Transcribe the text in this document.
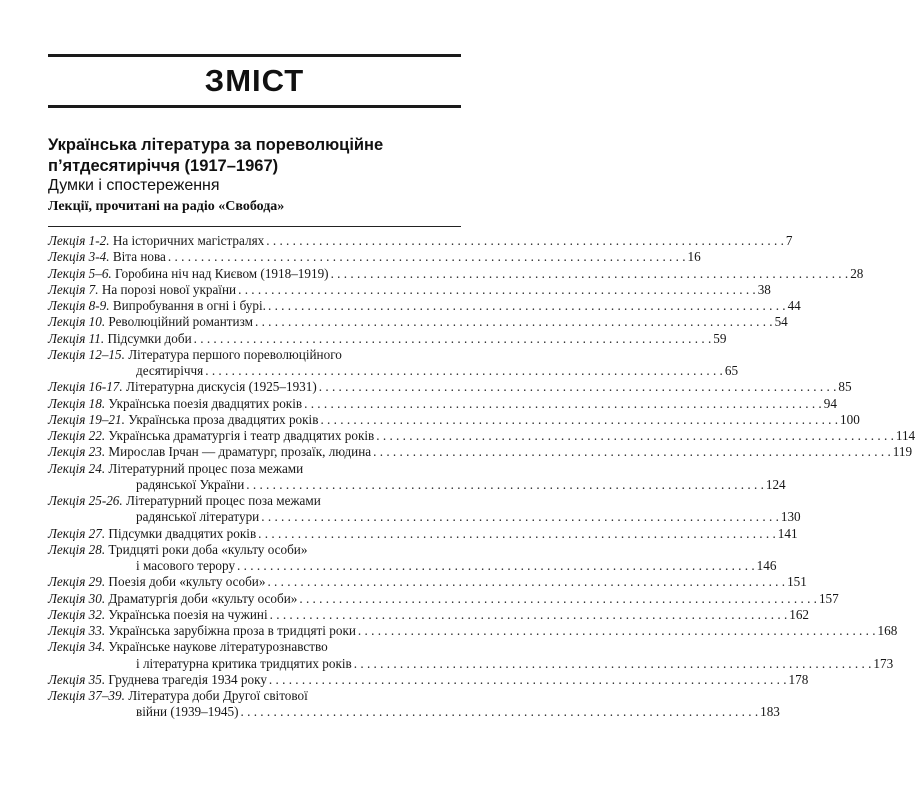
ЗМІСТ
Українська література за пореволюційне п’ятдесятиріччя (1917–1967)
Думки і спостереження
Лекції, прочитані на радіо «Свобода»
Лекція 1-2. На історичних магістралях . . .	7
Лекція 3-4. Віта нова . . .	16
Лекція 5–6. Горобина ніч над Києвом (1918–1919) . . .	28
Лекція 7. На порозі нової україни . . .	38
Лекція 8-9. Випробування в огні і бурі. . . .	44
Лекція 10. Революційний романтизм . . .	54
Лекція 11. Підсумки доби . . .	59
Лекція 12–15. Література першого пореволюційного
десятиріччя . . .	65
Лекція 16-17. Літературна дискусія (1925–1931) . . .	85
Лекція 18. Українська поезія двадцятих років . . .	94
Лекція 19–21. Українська проза двадцятих років . . .	100
Лекція 22. Українська драматургія і театр двадцятих років . . .	114
Лекція 23. Мирослав Ірчан — драматург, прозаїк, людина . . .	119
Лекція 24. Літературний процес поза межами
радянської України . . .	124
Лекція 25-26. Літературний процес поза межами
радянської літератури . . .	130
Лекція 27. Підсумки двадцятих років . . .	141
Лекція 28. Тридцяті роки доба «культу особи»
і масового терору . . .	146
Лекція 29. Поезія доби «культу особи» . . .	151
Лекція 30. Драматургія доби «культу особи» . . .	157
Лекція 32. Українська поезія на чужині . . .	162
Лекція 33. Українська зарубіжна проза в тридцяті роки . . .	168
Лекція 34. Українське наукове літературознавство
і літературна критика тридцятих років . . .	173
Лекція 35. Груднева трагедія 1934 року . . .	178
Лекція 37–39. Література доби Другої світової
війни (1939–1945) . . .	183
